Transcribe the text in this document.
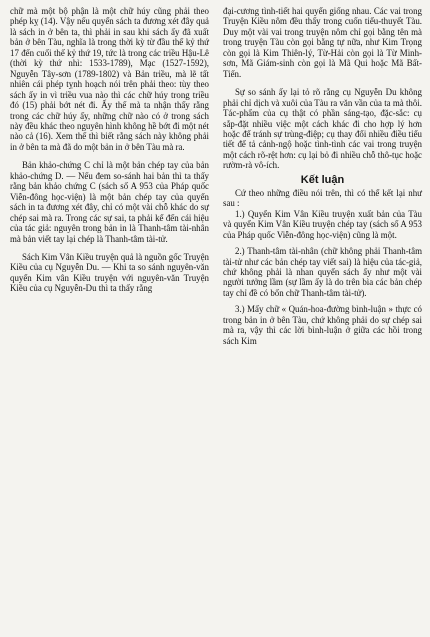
chữ mà một bộ phận là một chữ húy cũng phải theo phép kỵ (14). Vậy nếu quyển sách ta đương xét đây quả là sách in ở bên ta, thì phải in sau khi sách ấy đã xuất bản ở bên Tàu, nghĩa là trong thời kỳ từ đầu thế kỷ thứ 17 đến cuối thế kỷ thứ 19, tức là trong các triều Hậu-Lê (thời kỳ thứ nhì: 1533-1789), Mạc (1527-1592), Nguyễn Tây-sơn (1789-1802) và Bản triều, mà lẽ tất nhiên cái phép tỵnh hoạch nói trên phải theo: tùy theo sách ấy in vì triều vua nào thì các chữ húy trong triều đó (15) phải bớt nét đi. Ấy thế mà ta nhận thấy rằng trong các chữ húy ấy, những chữ nào có ở trong sách này đều khác theo nguyên hình không hề bớt đi một nét nào cả (16). Xem thế thì biết rằng sách này không phải in ở bên ta mà đã do một bản in ở bên Tàu mà ra.

Bản khảo-chứng C chỉ là một bản chép tay của bản khảo-chứng D. — Nếu đem so-sánh hai bản thì ta thấy rằng bản khảo chứng C (sách số A 953 của Pháp quốc Viễn-đông học-viện) là một bản chép tay của quyển sách in ta đương xét đây, chỉ có một vài chỗ khác do sự chép sai mà ra. Trong các sự sai, ta phải kể đến cái hiệu của tác giả: nguyên trong bản in là Thanh-tâm tài-nhân mà bản viết tay lại chép là Thanh-tâm tài-tử.

Sách Kim Vân Kiều truyện quả là nguồn gốc Truyện Kiều của cụ Nguyễn Du. — Khi ta so sánh nguyên-văn quyển Kim vân Kiều truyện với nguyên-văn Truyện Kiều của cụ Nguyễn-Du thì ta thấy rằng

đại-cương tình-tiết hai quyển giống nhau. Các vai trong Truyện Kiều nôm đều thấy trong cuốn tiểu-thuyết Tàu. Duy một vài vai trong truyện nôm chỉ gọi bằng tên mà trong truyện Tàu còn gọi bằng tự nữa, như Kim Trọng còn gọi là Kim Thiên-lý, Từ-Hải còn gọi là Từ Minh-sơn, Mã Giám-sinh còn gọi là Mã Qui hoặc Mã Bất-Tiến.

Sự so sánh ấy lại tỏ rõ rằng cụ Nguyễn Du không phải chỉ dịch và xuôi của Tàu ra văn vần của ta mà thôi. Tác-phẩm của cụ thật có phần sáng-tạo, đặc-sắc: cụ sắp-đặt nhiều việc một cách khác đi cho hợp lý hơn hoặc để tránh sự trùng-điệp; cụ thay đổi nhiều điều tiểu tiết để tả cảnh-ngộ hoặc tình-tình các vai trong truyện một cách rõ-rệt hơn: cụ lại bỏ đi nhiều chỗ thô-tục hoặc rườm-rà vô-ích.

Kết luận

Cứ theo những điều nói trên, thì có thể kết lại như sau :

1.) Quyển Kim Vân Kiều truyện xuất bản của Tàu và quyển Kim Vân Kiều truyện chép tay (sách số A 953 của Pháp quốc Viễn-đông học-viện) cũng là một.

2.) Thanh-tâm tài-nhân (chữ không phải Thanh-tâm tài-tử như các bản chép tay viết sai) là hiệu của tác-giả, chứ không phải là nhan quyển sách ấy như một vài người tưởng lầm (sự lầm ấy là do trên bìa các bản chép tay chỉ đề có bốn chữ Thanh-tâm tài-tử).

3.) Mấy chữ « Quán-hoa-đường bình-luận » thực có trong bản in ở bên Tàu, chứ không phải do sự chép sai mà ra, vậy thì các lời bình-luận ở giữa các hồi trong sách Kim
